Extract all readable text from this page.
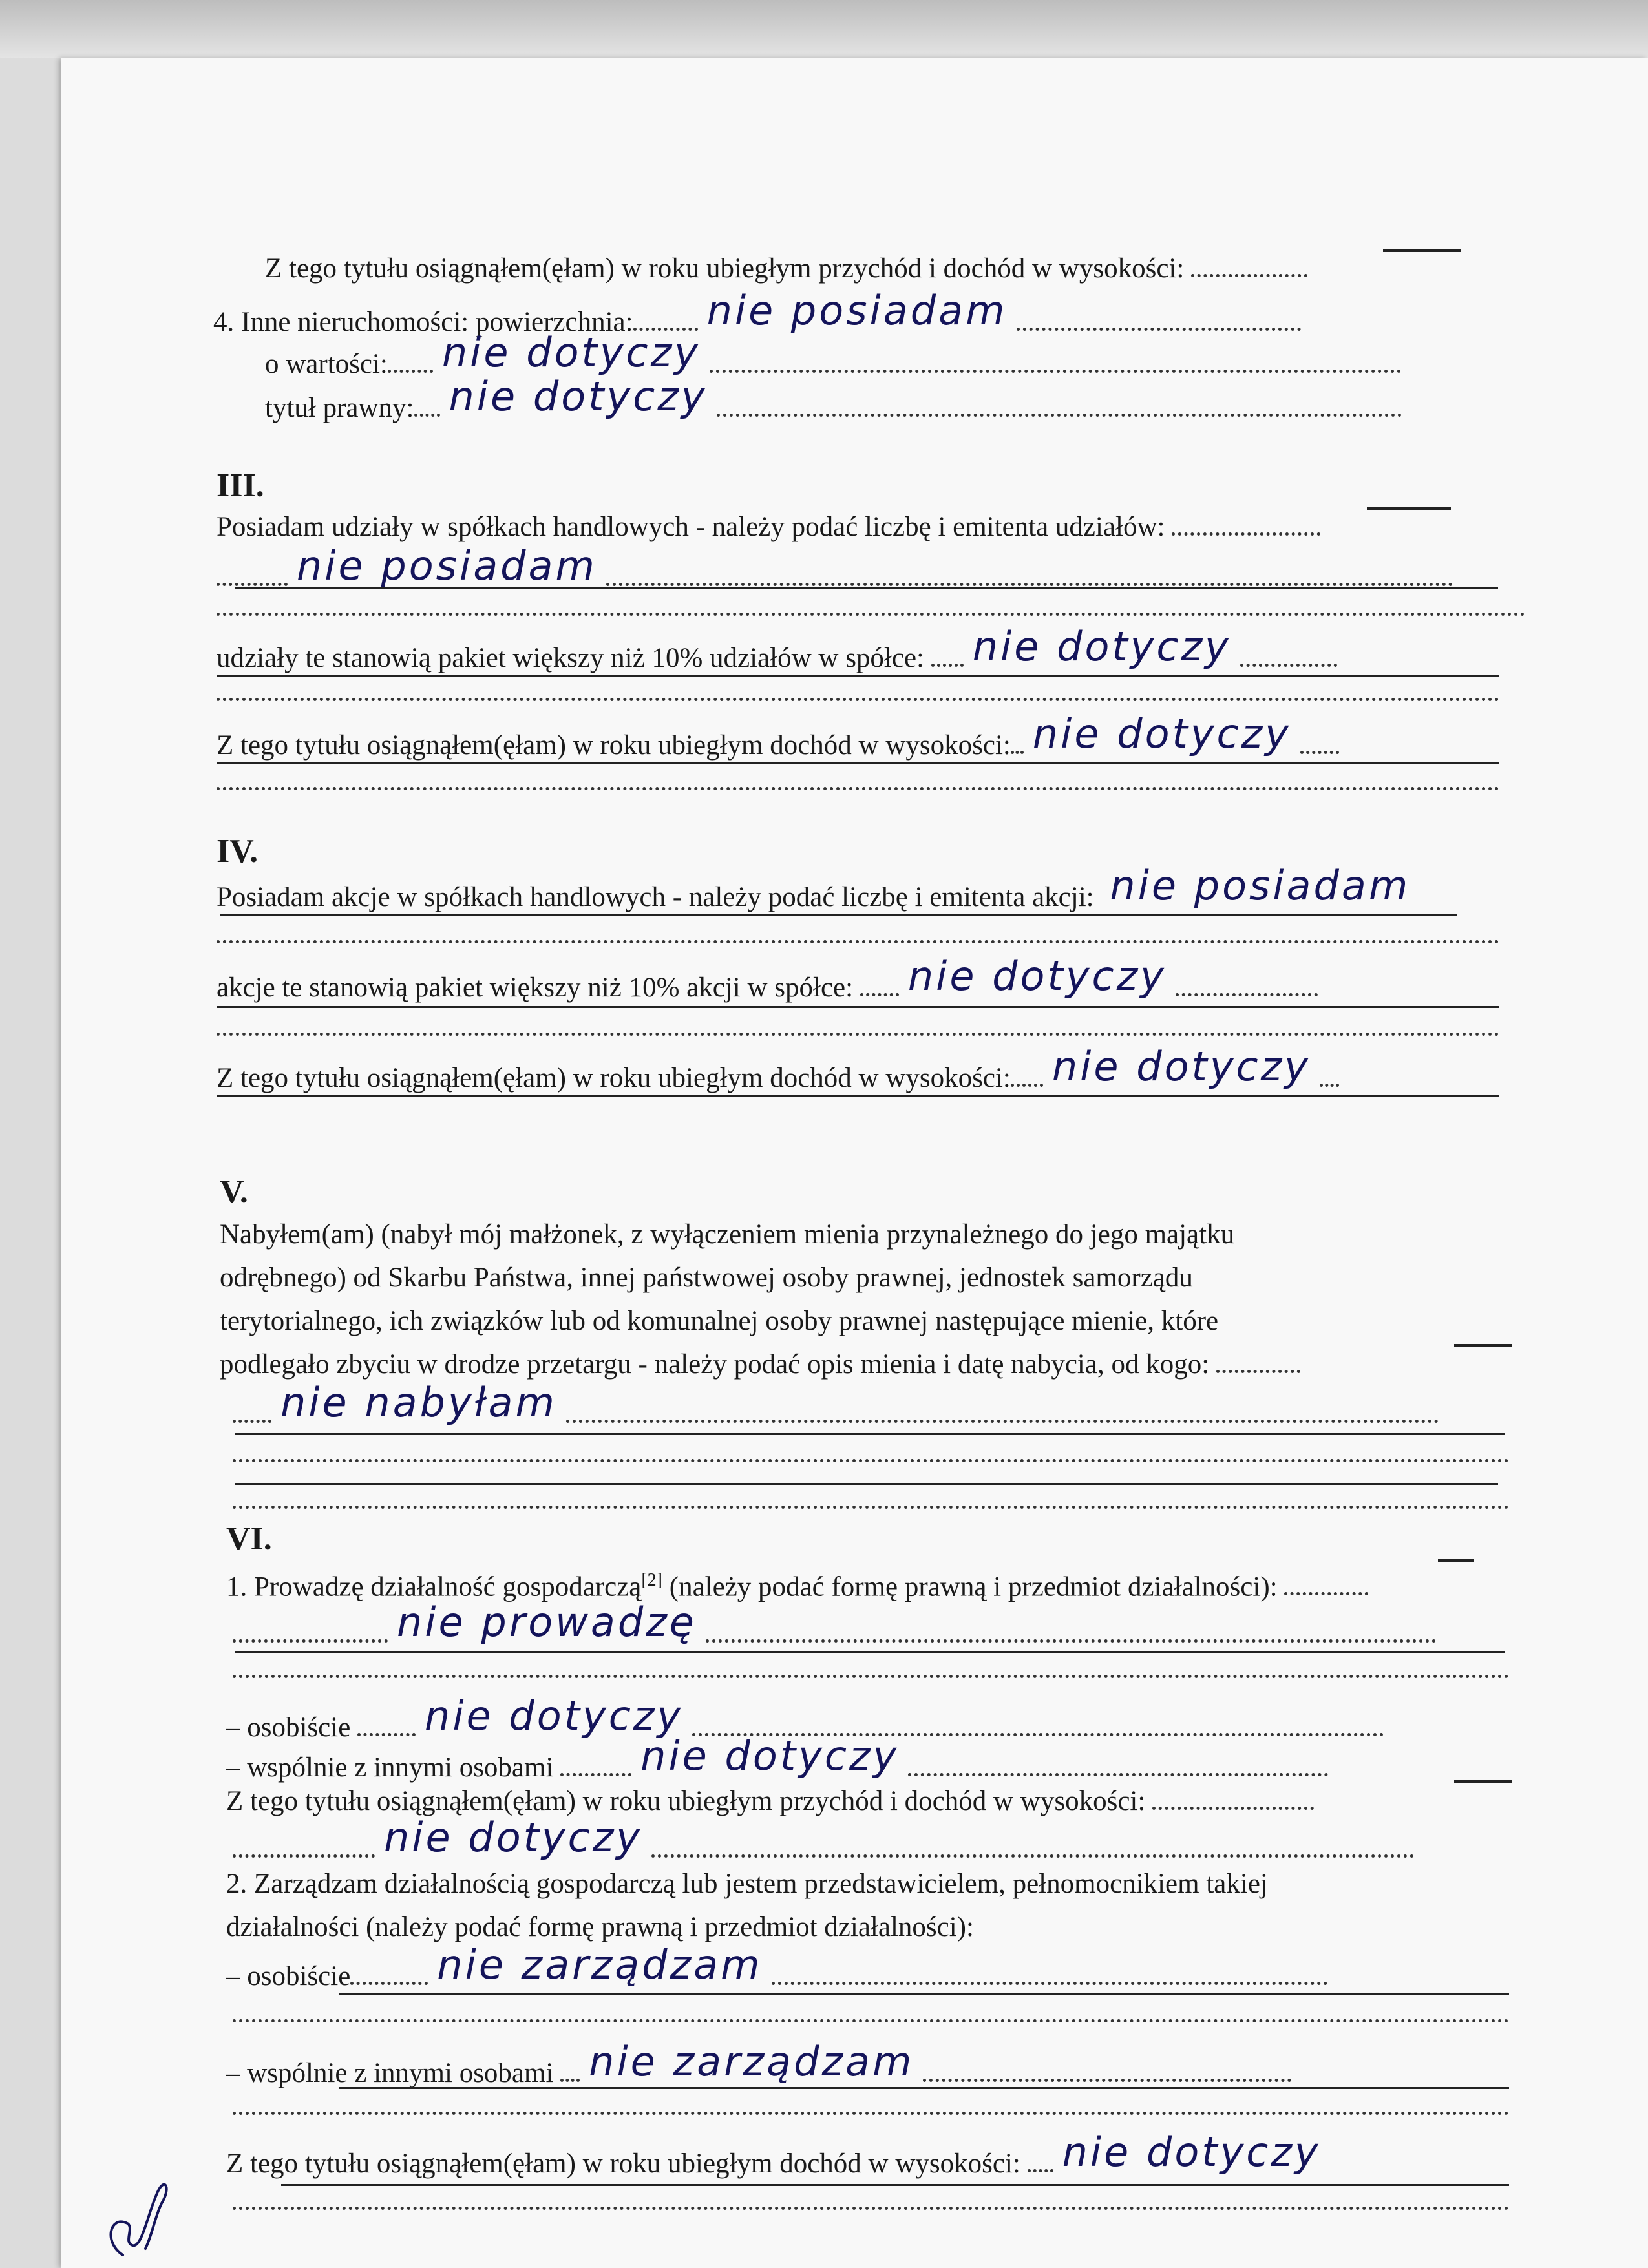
Z tego tytułu osiągnąłem(ęłam) w roku ubiegłym przychód i dochód w wysokości:
4. Inne nieruchomości: powierzchnia: nie posiadam
o wartości: nie dotyczy
tytuł prawny: nie dotyczy
III.
Posiadam udziały w spółkach handlowych - należy podać liczbę i emitenta udziałów:
nie posiadam
udziały te stanowią pakiet większy niż 10% udziałów w spółce: nie dotyczy
Z tego tytułu osiągnąłem(ęłam) w roku ubiegłym dochód w wysokości: nie dotyczy
IV.
Posiadam akcje w spółkach handlowych - należy podać liczbę i emitenta akcji: nie posiadam
akcje te stanowią pakiet większy niż 10% akcji w spółce: nie dotyczy
Z tego tytułu osiągnąłem(ęłam) w roku ubiegłym dochód w wysokości: nie dotyczy
V.
Nabyłem(am) (nabył mój małżonek, z wyłączeniem mienia przynależnego do jego majątku
odrębnego) od Skarbu Państwa, innej państwowej osoby prawnej, jednostek samorządu
terytorialnego, ich związków lub od komunalnej osoby prawnej następujące mienie, które
podlegało zbyciu w drodze przetargu - należy podać opis mienia i datę nabycia, od kogo:
nie nabyłam
VI.
1. Prowadzę działalność gospodarczą[2] (należy podać formę prawną i przedmiot działalności):
nie prowadzę
– osobiście nie dotyczy
– wspólnie z innymi osobami nie dotyczy
Z tego tytułu osiągnąłem(ęłam) w roku ubiegłym przychód i dochód w wysokości:
nie dotyczy
2. Zarządzam działalnością gospodarczą lub jestem przedstawicielem, pełnomocnikiem takiej
działalności (należy podać formę prawną i przedmiot działalności):
– osobiście nie zarządzam
– wspólnie z innymi osobami nie zarządzam
Z tego tytułu osiągnąłem(ęłam) w roku ubiegłym dochód w wysokości: nie dotyczy
